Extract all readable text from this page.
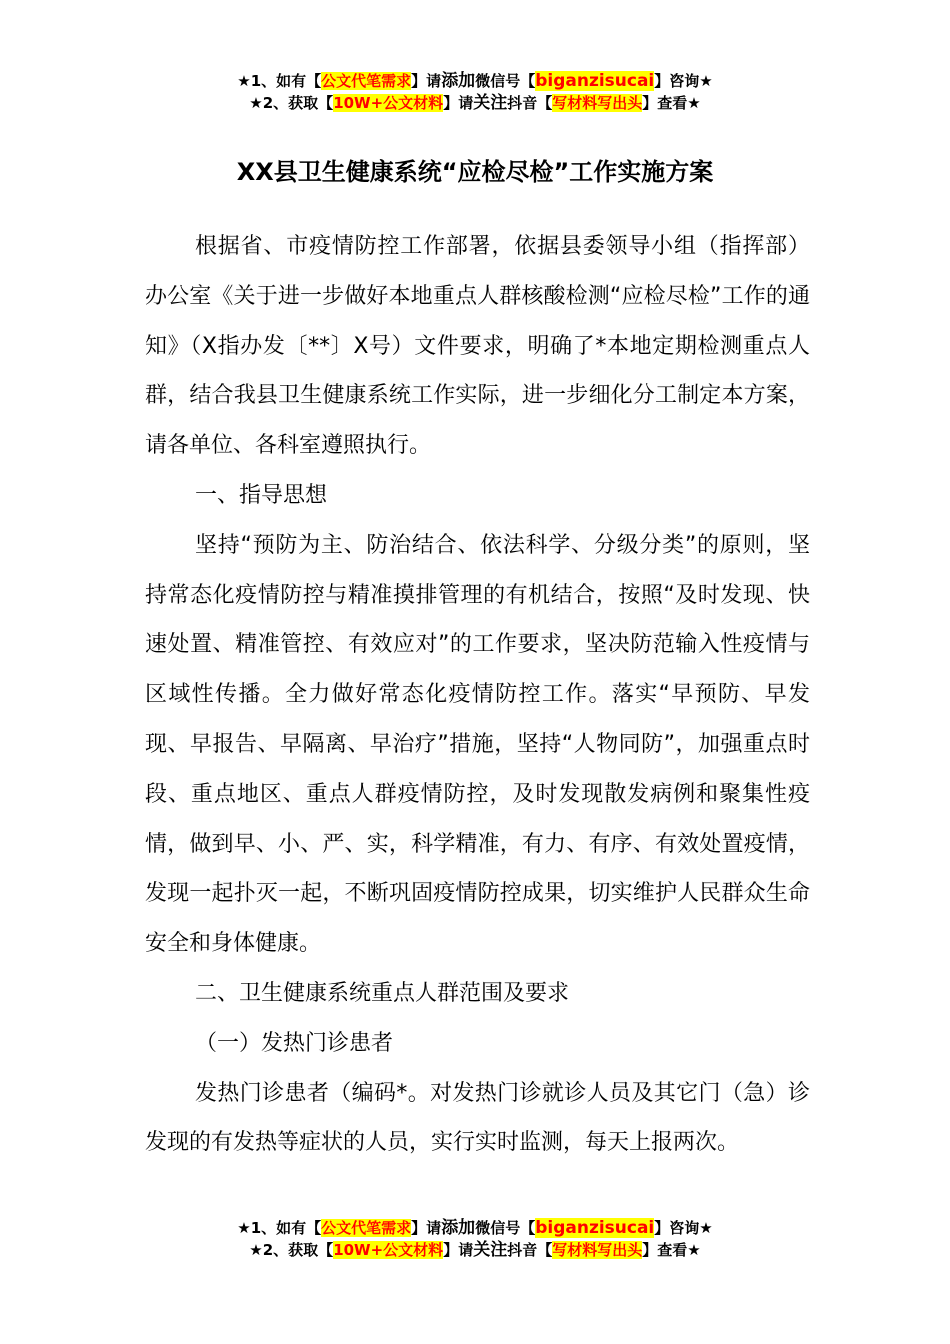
★1、如有【公文代笔需求】请添加微信号【biganzisucai】咨询★
★2、获取【10W+公文材料】请关注抖音【写材料写出头】查看★
XX县卫生健康系统“应检尽检”工作实施方案

根据省、市疫情防控工作部署，依据县委领导小组（指挥部）办公室《关于进一步做好本地重点人群核酸检测“应检尽检”工作的通知》（X指办发〔**〕X号）文件要求，明确了*本地定期检测重点人群，结合我县卫生健康系统工作实际，进一步细化分工制定本方案，请各单位、各科室遵照执行。

一、指导思想

坚持“预防为主、防治结合、依法科学、分级分类”的原则，坚持常态化疫情防控与精准摸排管理的有机结合，按照“及时发现、快速处置、精准管控、有效应对”的工作要求，坚决防范输入性疫情与区域性传播。全力做好常态化疫情防控工作。落实“早预防、早发现、早报告、早隔离、早治疗”措施，坚持“人物同防”，加强重点时段、重点地区、重点人群疫情防控，及时发现散发病例和聚集性疫情，做到早、小、严、实，科学精准，有力、有序、有效处置疫情，发现一起扑灭一起，不断巩固疫情防控成果，切实维护人民群众生命安全和身体健康。

二、卫生健康系统重点人群范围及要求

（一）发热门诊患者

发热门诊患者（编码*。对发热门诊就诊人员及其它门（急）诊发现的有发热等症状的人员，实行实时监测，每天上报两次。

★1、如有【公文代笔需求】请添加微信号【biganzisucai】咨询★
★2、获取【10W+公文材料】请关注抖音【写材料写出头】查看★
